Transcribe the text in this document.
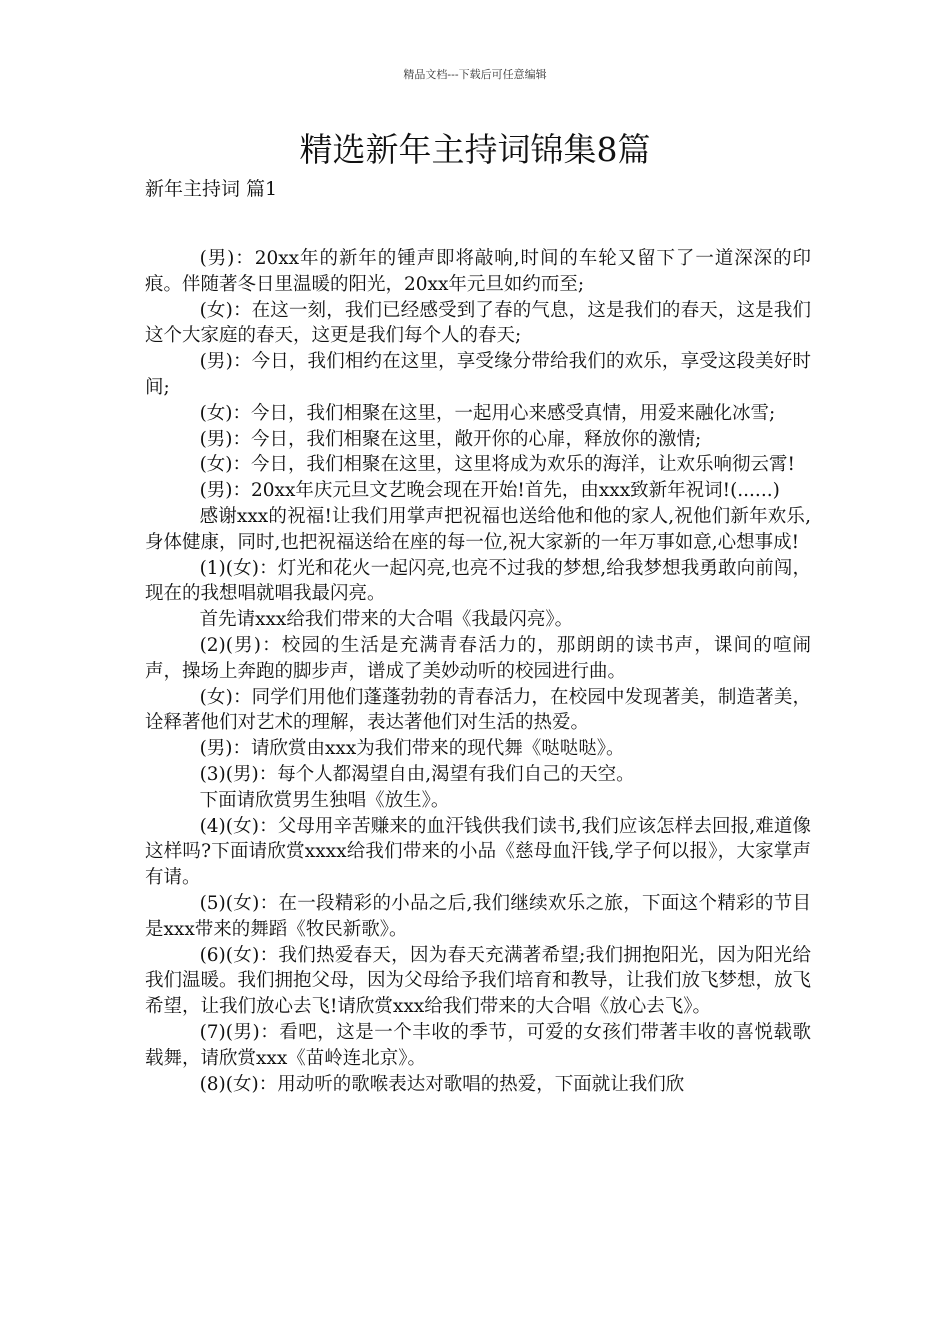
精品文档---下载后可任意编辑
精选新年主持词锦集8篇
新年主持词 篇1

(男)：20xx年的新年的锺声即将敲响,时间的车轮又留下了一道深深的印痕。伴随著冬日里温暖的阳光，20xx年元旦如约而至;

(女)：在这一刻，我们已经感受到了春的气息，这是我们的春天，这是我们这个大家庭的春天，这更是我们每个人的春天;

(男)：今日，我们相约在这里，享受缘分带给我们的欢乐，享受这段美好时间;

(女)：今日，我们相聚在这里，一起用心来感受真情，用爱来融化冰雪;

(男)：今日，我们相聚在这里，敞开你的心扉，释放你的激情;

(女)：今日，我们相聚在这里，这里将成为欢乐的海洋，让欢乐响彻云霄!

(男)：20xx年庆元旦文艺晚会现在开始!首先，由xxx致新年祝词!(......)

感谢xxx的祝福!让我们用掌声把祝福也送给他和他的家人,祝他们新年欢乐,身体健康，同时,也把祝福送给在座的每一位,祝大家新的一年万事如意,心想事成!

(1)(女)：灯光和花火一起闪亮,也亮不过我的梦想,给我梦想我勇敢向前闯，现在的我想唱就唱我最闪亮。

首先请xxx给我们带来的大合唱《我最闪亮》。

(2)(男)：校园的生活是充满青春活力的，那朗朗的读书声，课间的喧闹声，操场上奔跑的脚步声，谱成了美妙动听的校园进行曲。

(女)：同学们用他们蓬蓬勃勃的青春活力，在校园中发现著美，制造著美，诠释著他们对艺术的理解，表达著他们对生活的热爱。

(男)：请欣赏由xxx为我们带来的现代舞《哒哒哒》。

(3)(男)：每个人都渴望自由,渴望有我们自己的天空。

下面请欣赏男生独唱《放生》。

(4)(女)：父母用辛苦赚来的血汗钱供我们读书,我们应该怎样去回报,难道像这样吗?下面请欣赏xxxx给我们带来的小品《慈母血汗钱,学子何以报》，大家掌声有请。

(5)(女)：在一段精彩的小品之后,我们继续欢乐之旅，下面这个精彩的节目是xxx带来的舞蹈《牧民新歌》。

(6)(女)：我们热爱春天，因为春天充满著希望;我们拥抱阳光，因为阳光给我们温暖。我们拥抱父母，因为父母给予我们培育和教导，让我们放飞梦想，放飞希望，让我们放心去飞!请欣赏xxx给我们带来的大合唱《放心去飞》。

(7)(男)：看吧，这是一个丰收的季节，可爱的女孩们带著丰收的喜悦载歌载舞，请欣赏xxx《苗岭连北京》。

(8)(女)：用动听的歌喉表达对歌唱的热爱，下面就让我们欣
